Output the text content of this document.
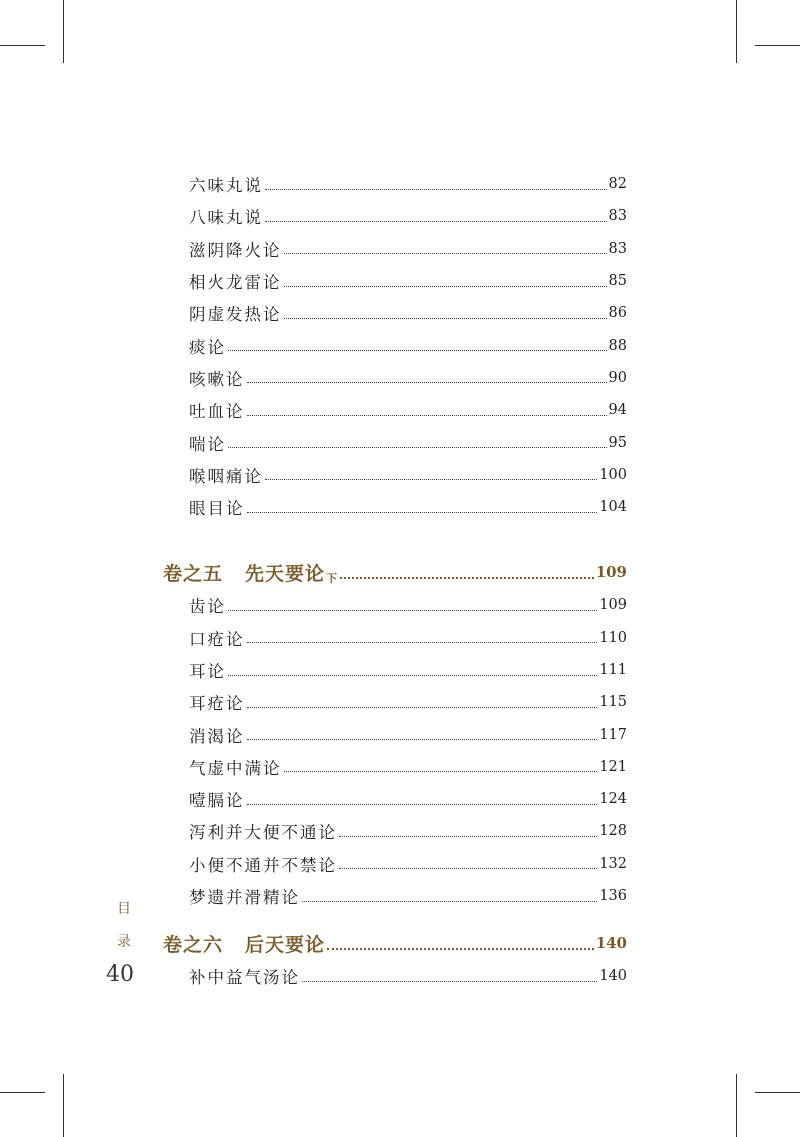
六味丸说	82
八味丸说	83
滋阴降火论	83
相火龙雷论	85
阴虚发热论	86
痰论	88
咳嗽论	90
吐血论	94
喘论	95
喉咽痛论	100
眼目论	104
卷之五 先天要论 下	109
齿论	109
口疮论	110
耳论	111
耳疮论	115
消渴论	117
气虚中满论	121
噎膈论	124
泻利并大便不通论	128
小便不通并不禁论	132
梦遗并滑精论	136
卷之六 后天要论	140
补中益气汤论	140
目
录
40
